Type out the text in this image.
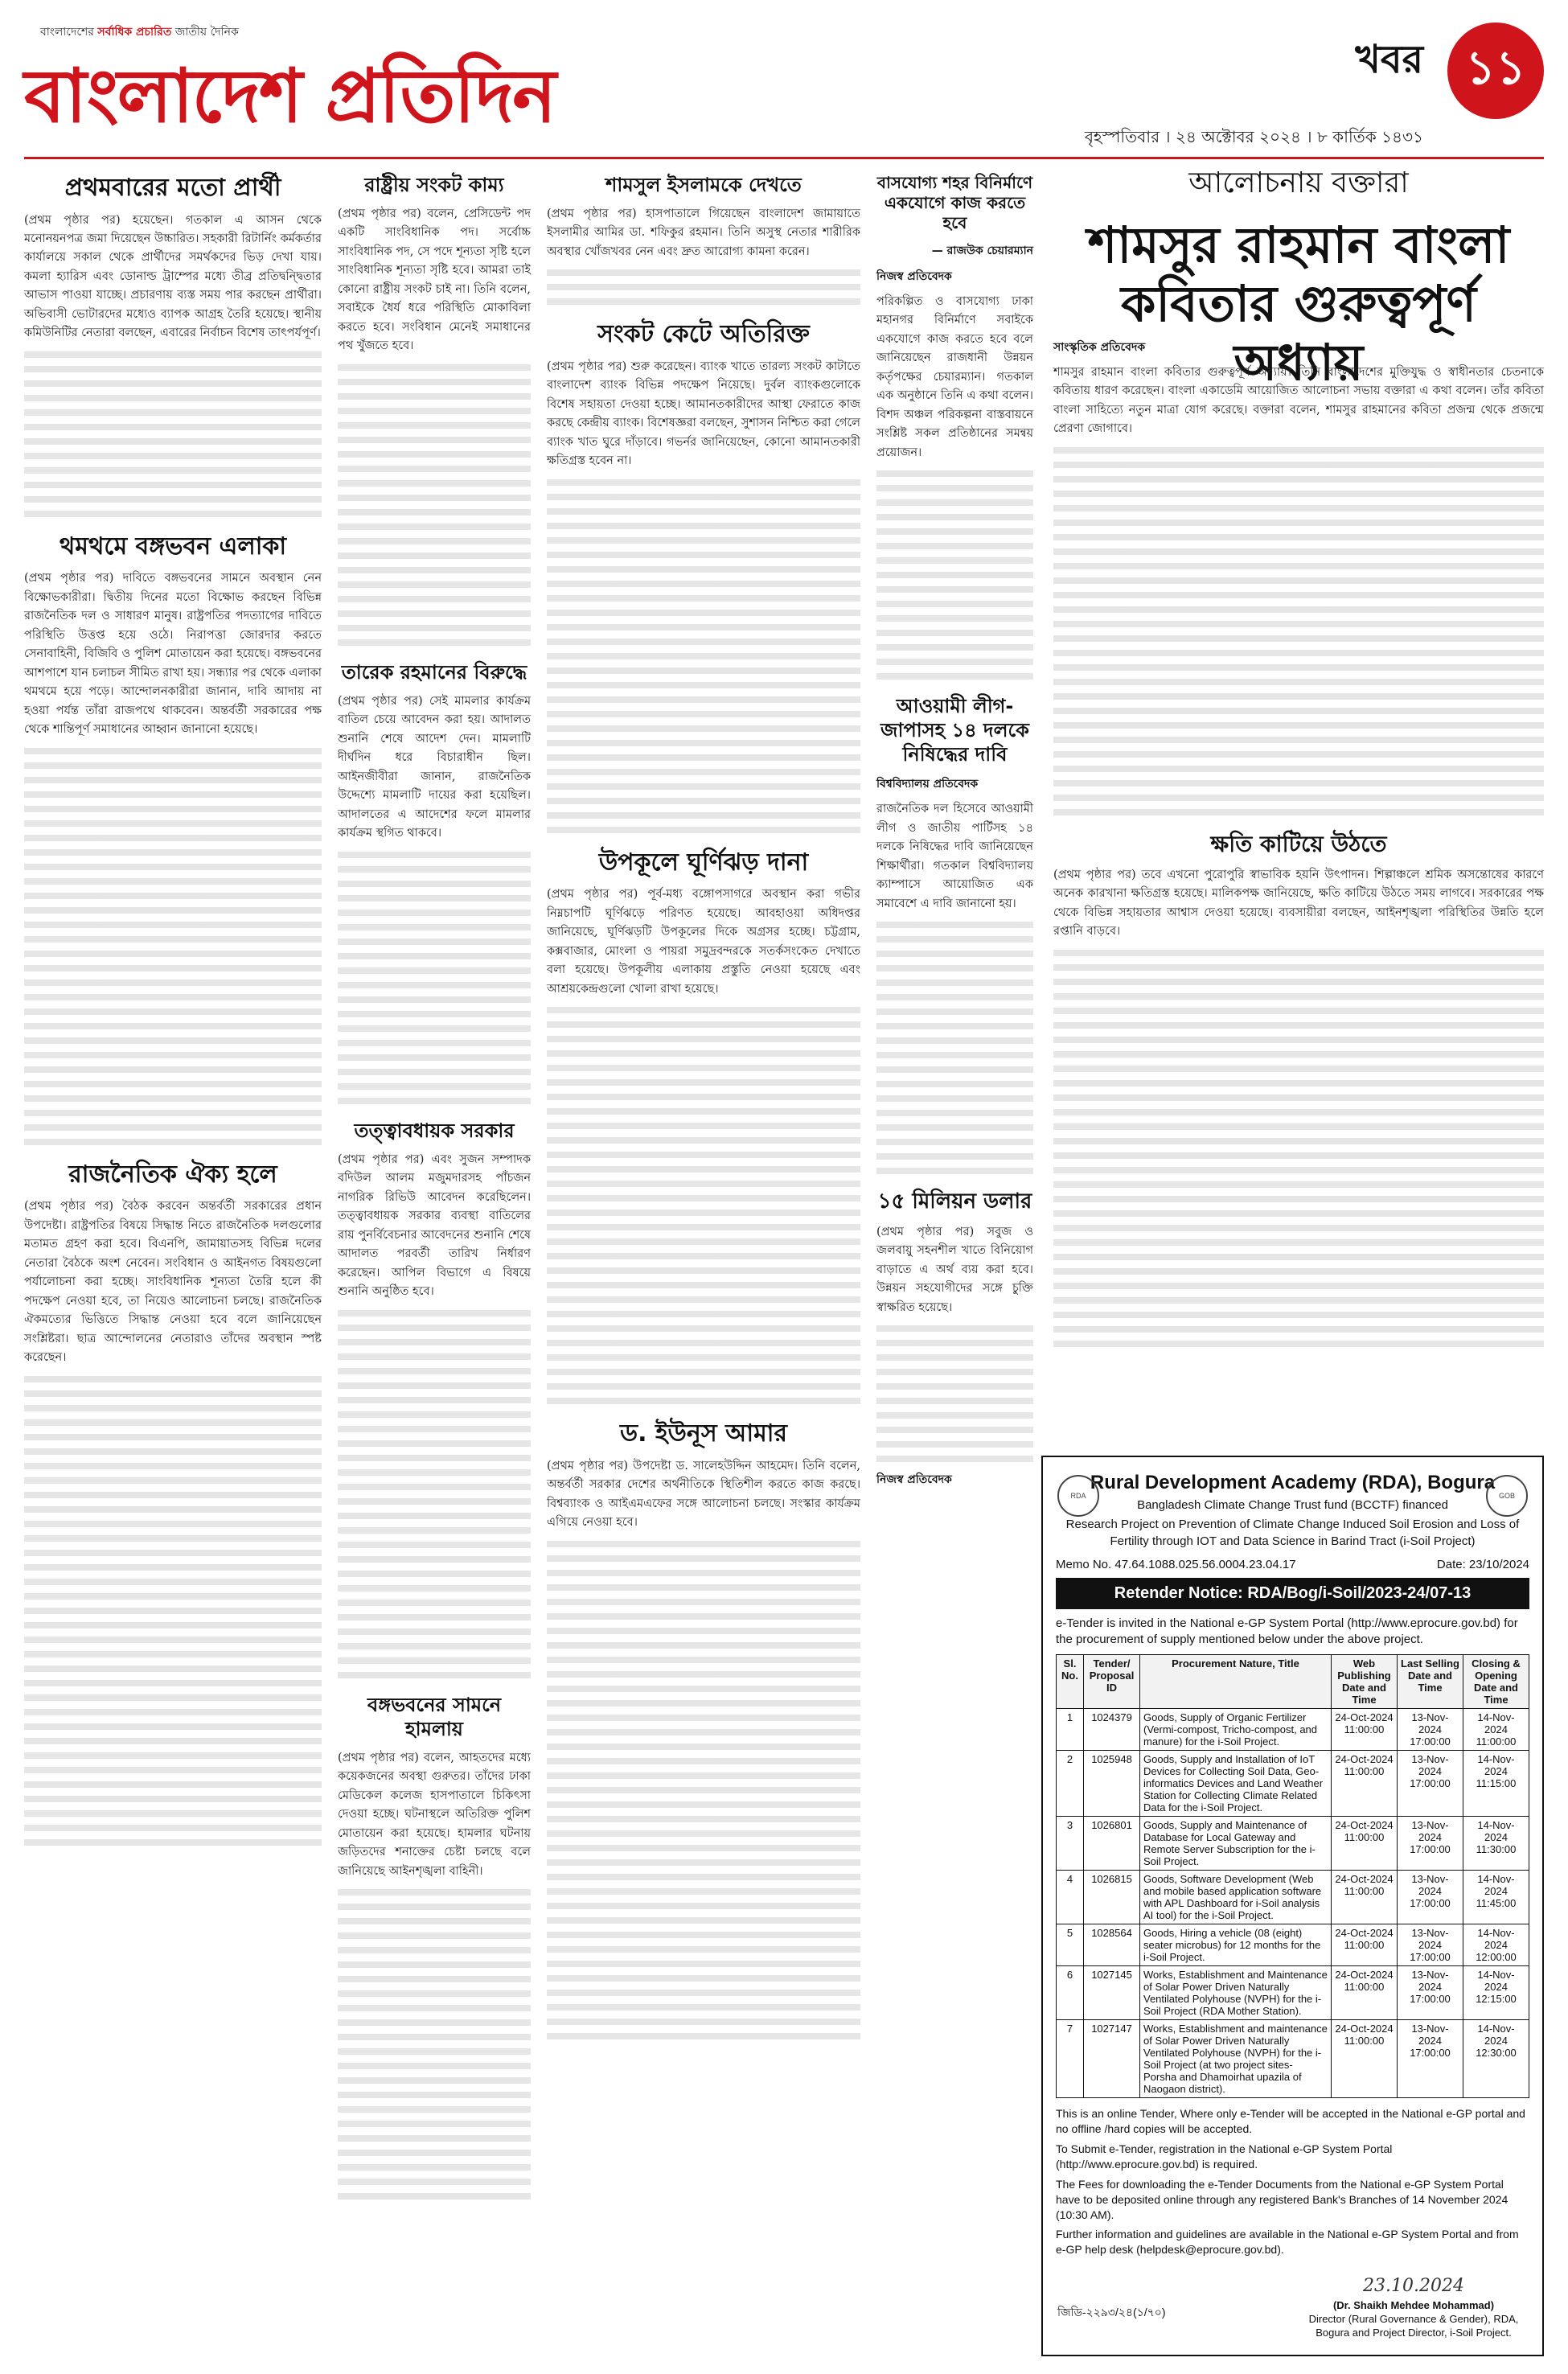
বাংলাদেশের সর্বাধিক প্রচারিত জাতীয় দৈনিক
বাংলাদেশ প্রতিদিন	খবর
বৃহস্পতিবার । ২৪ অক্টোবর ২০২৪ । ৮ কার্তিক ১৪৩১
১১
প্রথমবারের মতো প্রার্থী
(প্রথম পৃষ্ঠার পর) হয়েছেন। গতকাল এ আসন থেকে মনোনয়নপত্র জমা দিয়েছেন উচ্চারিত। সহকারী রিটার্নিং কর্মকর্তার কার্যালয়ে সকাল থেকে প্রার্থীদের সমর্থকদের ভিড় দেখা যায়। কমলা হ্যারিস এবং ডোনাল্ড ট্রাম্পের মধ্যে তীব্র প্রতিদ্বন্দ্বিতার আভাস পাওয়া যাচ্ছে। প্রচারণায় ব্যস্ত সময় পার করছেন প্রার্থীরা। অভিবাসী ভোটারদের মধ্যেও ব্যাপক আগ্রহ তৈরি হয়েছে। স্থানীয় কমিউনিটির নেতারা বলছেন, এবারের নির্বাচন বিশেষ তাৎপর্যপূর্ণ।
থমথমে বঙ্গভবন এলাকা
(প্রথম পৃষ্ঠার পর) দাবিতে বঙ্গভবনের সামনে অবস্থান নেন বিক্ষোভকারীরা। দ্বিতীয় দিনের মতো বিক্ষোভ করছেন বিভিন্ন রাজনৈতিক দল ও সাধারণ মানুষ। রাষ্ট্রপতির পদত্যাগের দাবিতে পরিস্থিতি উত্তপ্ত হয়ে ওঠে। নিরাপত্তা জোরদার করতে সেনাবাহিনী, বিজিবি ও পুলিশ মোতায়েন করা হয়েছে। বঙ্গভবনের আশপাশে যান চলাচল সীমিত রাখা হয়। সন্ধ্যার পর থেকে এলাকা থমথমে হয়ে পড়ে। আন্দোলনকারীরা জানান, দাবি আদায় না হওয়া পর্যন্ত তাঁরা রাজপথে থাকবেন। অন্তর্বর্তী সরকারের পক্ষ থেকে শান্তিপূর্ণ সমাধানের আহ্বান জানানো হয়েছে।
রাজনৈতিক ঐক্য হলে
(প্রথম পৃষ্ঠার পর) বৈঠক করবেন অন্তর্বর্তী সরকারের প্রধান উপদেষ্টা। রাষ্ট্রপতির বিষয়ে সিদ্ধান্ত নিতে রাজনৈতিক দলগুলোর মতামত গ্রহণ করা হবে। বিএনপি, জামায়াতসহ বিভিন্ন দলের নেতারা বৈঠকে অংশ নেবেন। সংবিধান ও আইনগত বিষয়গুলো পর্যালোচনা করা হচ্ছে। সাংবিধানিক শূন্যতা তৈরি হলে কী পদক্ষেপ নেওয়া হবে, তা নিয়েও আলোচনা চলছে। রাজনৈতিক ঐকমত্যের ভিত্তিতে সিদ্ধান্ত নেওয়া হবে বলে জানিয়েছেন সংশ্লিষ্টরা। ছাত্র আন্দোলনের নেতারাও তাঁদের অবস্থান স্পষ্ট করেছেন।
রাষ্ট্রীয় সংকট কাম্য
(প্রথম পৃষ্ঠার পর) বলেন, প্রেসিডেন্ট পদ একটি সাংবিধানিক পদ। সর্বোচ্চ সাংবিধানিক পদ, সে পদে শূন্যতা সৃষ্টি হলে সাংবিধানিক শূন্যতা সৃষ্টি হবে। আমরা তাই কোনো রাষ্ট্রীয় সংকট চাই না। তিনি বলেন, সবাইকে ধৈর্য ধরে পরিস্থিতি মোকাবিলা করতে হবে। সংবিধান মেনেই সমাধানের পথ খুঁজতে হবে।
তারেক রহমানের বিরুদ্ধে
(প্রথম পৃষ্ঠার পর) সেই মামলার কার্যক্রম বাতিল চেয়ে আবেদন করা হয়। আদালত শুনানি শেষে আদেশ দেন। মামলাটি দীর্ঘদিন ধরে বিচারাধীন ছিল। আইনজীবীরা জানান, রাজনৈতিক উদ্দেশ্যে মামলাটি দায়ের করা হয়েছিল। আদালতের এ আদেশের ফলে মামলার কার্যক্রম স্থগিত থাকবে।
তত্ত্বাবধায়ক সরকার
(প্রথম পৃষ্ঠার পর) এবং সুজন সম্পাদক বদিউল আলম মজুমদারসহ পাঁচজন নাগরিক রিভিউ আবেদন করেছিলেন। তত্ত্বাবধায়ক সরকার ব্যবস্থা বাতিলের রায় পুনর্বিবেচনার আবেদনের শুনানি শেষে আদালত পরবর্তী তারিখ নির্ধারণ করেছেন। আপিল বিভাগে এ বিষয়ে শুনানি অনুষ্ঠিত হবে।
বঙ্গভবনের সামনে হামলায়
(প্রথম পৃষ্ঠার পর) বলেন, আহতদের মধ্যে কয়েকজনের অবস্থা গুরুতর। তাঁদের ঢাকা মেডিকেল কলেজ হাসপাতালে চিকিৎসা দেওয়া হচ্ছে। ঘটনাস্থলে অতিরিক্ত পুলিশ মোতায়েন করা হয়েছে। হামলার ঘটনায় জড়িতদের শনাক্তের চেষ্টা চলছে বলে জানিয়েছে আইনশৃঙ্খলা বাহিনী।
শামসুল ইসলামকে দেখতে
(প্রথম পৃষ্ঠার পর) হাসপাতালে গিয়েছেন বাংলাদেশ জামায়াতে ইসলামীর আমির ডা. শফিকুর রহমান। তিনি অসুস্থ নেতার শারীরিক অবস্থার খোঁজখবর নেন এবং দ্রুত আরোগ্য কামনা করেন।
সংকট কেটে অতিরিক্ত
(প্রথম পৃষ্ঠার পর) শুরু করেছেন। ব্যাংক খাতে তারল্য সংকট কাটাতে বাংলাদেশ ব্যাংক বিভিন্ন পদক্ষেপ নিয়েছে। দুর্বল ব্যাংকগুলোকে বিশেষ সহায়তা দেওয়া হচ্ছে। আমানতকারীদের আস্থা ফেরাতে কাজ করছে কেন্দ্রীয় ব্যাংক। বিশেষজ্ঞরা বলছেন, সুশাসন নিশ্চিত করা গেলে ব্যাংক খাত ঘুরে দাঁড়াবে। গভর্নর জানিয়েছেন, কোনো আমানতকারী ক্ষতিগ্রস্ত হবেন না।
উপকূলে ঘূর্ণিঝড় দানা
(প্রথম পৃষ্ঠার পর) পূর্ব-মধ্য বঙ্গোপসাগরে অবস্থান করা গভীর নিম্নচাপটি ঘূর্ণিঝড়ে পরিণত হয়েছে। আবহাওয়া অধিদপ্তর জানিয়েছে, ঘূর্ণিঝড়টি উপকূলের দিকে অগ্রসর হচ্ছে। চট্টগ্রাম, কক্সবাজার, মোংলা ও পায়রা সমুদ্রবন্দরকে সতর্কসংকেত দেখাতে বলা হয়েছে। উপকূলীয় এলাকায় প্রস্তুতি নেওয়া হয়েছে এবং আশ্রয়কেন্দ্রগুলো খোলা রাখা হয়েছে।
ড. ইউনূস আমার
(প্রথম পৃষ্ঠার পর) উপদেষ্টা ড. সালেহউদ্দিন আহমেদ। তিনি বলেন, অন্তর্বর্তী সরকার দেশের অর্থনীতিকে স্থিতিশীল করতে কাজ করছে। বিশ্বব্যাংক ও আইএমএফের সঙ্গে আলোচনা চলছে। সংস্কার কার্যক্রম এগিয়ে নেওয়া হবে।
বাসযোগ্য শহর বিনির্মাণে একযোগে কাজ করতে হবে
— রাজউক চেয়ারম্যান
নিজস্ব প্রতিবেদক
পরিকল্পিত ও বাসযোগ্য ঢাকা মহানগর বিনির্মাণে সবাইকে একযোগে কাজ করতে হবে বলে জানিয়েছেন রাজধানী উন্নয়ন কর্তৃপক্ষের চেয়ারম্যান। গতকাল এক অনুষ্ঠানে তিনি এ কথা বলেন। বিশদ অঞ্চল পরিকল্পনা বাস্তবায়নে সংশ্লিষ্ট সকল প্রতিষ্ঠানের সমন্বয় প্রয়োজন।
আওয়ামী লীগ-জাপাসহ ১৪ দলকে নিষিদ্ধের দাবি
বিশ্ববিদ্যালয় প্রতিবেদক
রাজনৈতিক দল হিসেবে আওয়ামী লীগ ও জাতীয় পার্টিসহ ১৪ দলকে নিষিদ্ধের দাবি জানিয়েছেন শিক্ষার্থীরা। গতকাল বিশ্ববিদ্যালয় ক্যাম্পাসে আয়োজিত এক সমাবেশে এ দাবি জানানো হয়।
১৫ মিলিয়ন ডলার
(প্রথম পৃষ্ঠার পর) সবুজ ও জলবায়ু সহনশীল খাতে বিনিয়োগ বাড়াতে এ অর্থ ব্যয় করা হবে। উন্নয়ন সহযোগীদের সঙ্গে চুক্তি স্বাক্ষরিত হয়েছে।
নিজস্ব প্রতিবেদক
আলোচনায় বক্তারা
শামসুর রাহমান বাংলা কবিতার গুরুত্বপূর্ণ অধ্যায়
সাংস্কৃতিক প্রতিবেদক
শামসুর রাহমান বাংলা কবিতার গুরুত্বপূর্ণ অধ্যায়। তিনি বাংলাদেশের মুক্তিযুদ্ধ ও স্বাধীনতার চেতনাকে কবিতায় ধারণ করেছেন। বাংলা একাডেমি আয়োজিত আলোচনা সভায় বক্তারা এ কথা বলেন। তাঁর কবিতা বাংলা সাহিত্যে নতুন মাত্রা যোগ করেছে। বক্তারা বলেন, শামসুর রাহমানের কবিতা প্রজন্ম থেকে প্রজন্মে প্রেরণা জোগাবে।
ক্ষতি কাটিয়ে উঠতে
(প্রথম পৃষ্ঠার পর) তবে এখনো পুরোপুরি স্বাভাবিক হয়নি উৎপাদন। শিল্পাঞ্চলে শ্রমিক অসন্তোষের কারণে অনেক কারখানা ক্ষতিগ্রস্ত হয়েছে। মালিকপক্ষ জানিয়েছে, ক্ষতি কাটিয়ে উঠতে সময় লাগবে। সরকারের পক্ষ থেকে বিভিন্ন সহায়তার আশ্বাস দেওয়া হয়েছে। ব্যবসায়ীরা বলছেন, আইনশৃঙ্খলা পরিস্থিতির উন্নতি হলে রপ্তানি বাড়বে।
RDA	GOB
Rural Development Academy (RDA), Bogura
Bangladesh Climate Change Trust fund (BCCTF) financed
Research Project on Prevention of Climate Change Induced Soil Erosion and Loss of Fertility through IOT and Data Science in Barind Tract (i-Soil Project)
Memo No. 47.64.1088.025.56.0004.23.04.17	Date: 23/10/2024
Retender Notice: RDA/Bog/i-Soil/2023-24/07-13
e-Tender is invited in the National e-GP System Portal (http://www.eprocure.gov.bd) for the procurement of supply mentioned below under the above project.
Sl. No.	Tender/ Proposal ID	Procurement Nature, Title	Web Publishing Date and Time	Last Selling Date and Time	Closing & Opening Date and Time
1	1024379	Goods, Supply of Organic Fertilizer (Vermi-compost, Tricho-compost, and manure) for the i-Soil Project.	24-Oct-2024 11:00:00	13-Nov-2024 17:00:00	14-Nov-2024 11:00:00
2	1025948	Goods, Supply and Installation of IoT Devices for Collecting Soil Data, Geo-informatics Devices and Land Weather Station for Collecting Climate Related Data for the i-Soil Project.	24-Oct-2024 11:00:00	13-Nov-2024 17:00:00	14-Nov-2024 11:15:00
3	1026801	Goods, Supply and Maintenance of Database for Local Gateway and Remote Server Subscription for the i-Soil Project.	24-Oct-2024 11:00:00	13-Nov-2024 17:00:00	14-Nov-2024 11:30:00
4	1026815	Goods, Software Development (Web and mobile based application software with APL Dashboard for i-Soil analysis AI tool) for the i-Soil Project.	24-Oct-2024 11:00:00	13-Nov-2024 17:00:00	14-Nov-2024 11:45:00
5	1028564	Goods, Hiring a vehicle (08 (eight) seater microbus) for 12 months for the i-Soil Project.	24-Oct-2024 11:00:00	13-Nov-2024 17:00:00	14-Nov-2024 12:00:00
6	1027145	Works, Establishment and Maintenance of Solar Power Driven Naturally Ventilated Polyhouse (NVPH) for the i-Soil Project (RDA Mother Station).	24-Oct-2024 11:00:00	13-Nov-2024 17:00:00	14-Nov-2024 12:15:00
7	1027147	Works, Establishment and maintenance of Solar Power Driven Naturally Ventilated Polyhouse (NVPH) for the i-Soil Project (at two project sites- Porsha and Dhamoirhat upazila of Naogaon district).	24-Oct-2024 11:00:00	13-Nov-2024 17:00:00	14-Nov-2024 12:30:00

This is an online Tender, Where only e-Tender will be accepted in the National e-GP portal and no offline /hard copies will be accepted.

To Submit e-Tender, registration in the National e-GP System Portal (http://www.eprocure.gov.bd) is required.

The Fees for downloading the e-Tender Documents from the National e-GP System Portal have to be deposited online through any registered Bank's Branches of 14 November 2024 (10:30 AM).

Further information and guidelines are available in the National e-GP System Portal and from e-GP help desk (helpdesk@eprocure.gov.bd).

জিডি-২২৯৩/২৪(১/৭০)
23.10.2024
(Dr. Shaikh Mehdee Mohammad)
Director (Rural Governance & Gender), RDA, Bogura and Project Director, i-Soil Project.
